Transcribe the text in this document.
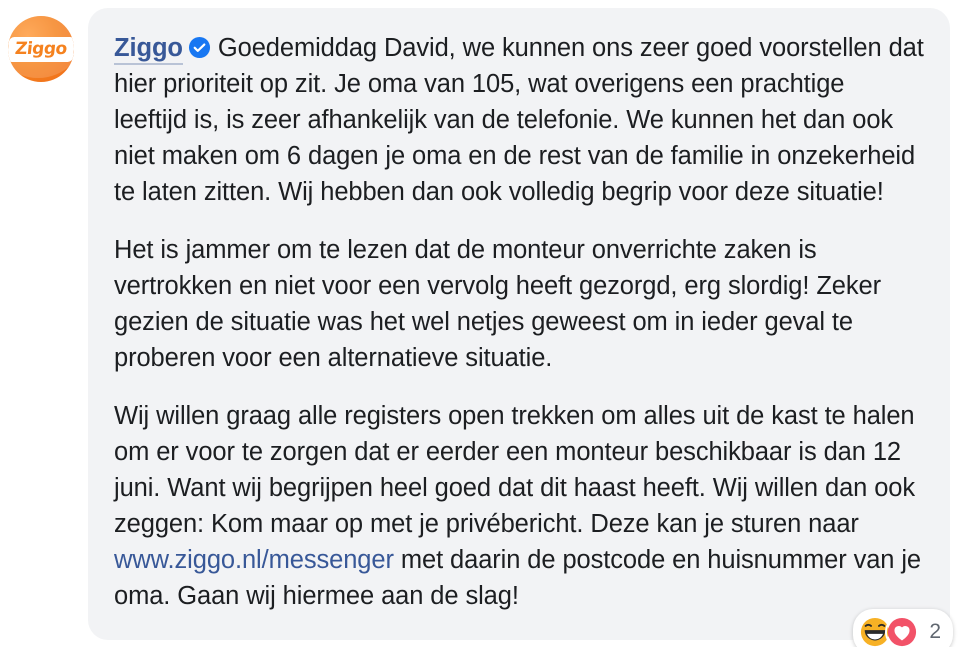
Ziggo Ziggo Goedemiddag David, we kunnen ons zeer goed voorstellen dat hier prioriteit op zit. Je oma van 105, wat overigens een prachtige leeftijd is, is zeer afhankelijk van de telefonie. We kunnen het dan ook niet maken om 6 dagen je oma en de rest van de familie in onzekerheid te laten zitten. Wij hebben dan ook volledig begrip voor deze situatie!

Het is jammer om te lezen dat de monteur onverrichte zaken is vertrokken en niet voor een vervolg heeft gezorgd, erg slordig! Zeker gezien de situatie was het wel netjes geweest om in ieder geval te proberen voor een alternatieve situatie.

Wij willen graag alle registers open trekken om alles uit de kast te halen om er voor te zorgen dat er eerder een monteur beschikbaar is dan 12 juni. Want wij begrijpen heel goed dat dit haast heeft. Wij willen dan ook zeggen: Kom maar op met je privébericht. Deze kan je sturen naar www.ziggo.nl/messenger met daarin de postcode en huisnummer van je oma. Gaan wij hiermee aan de slag!

2
